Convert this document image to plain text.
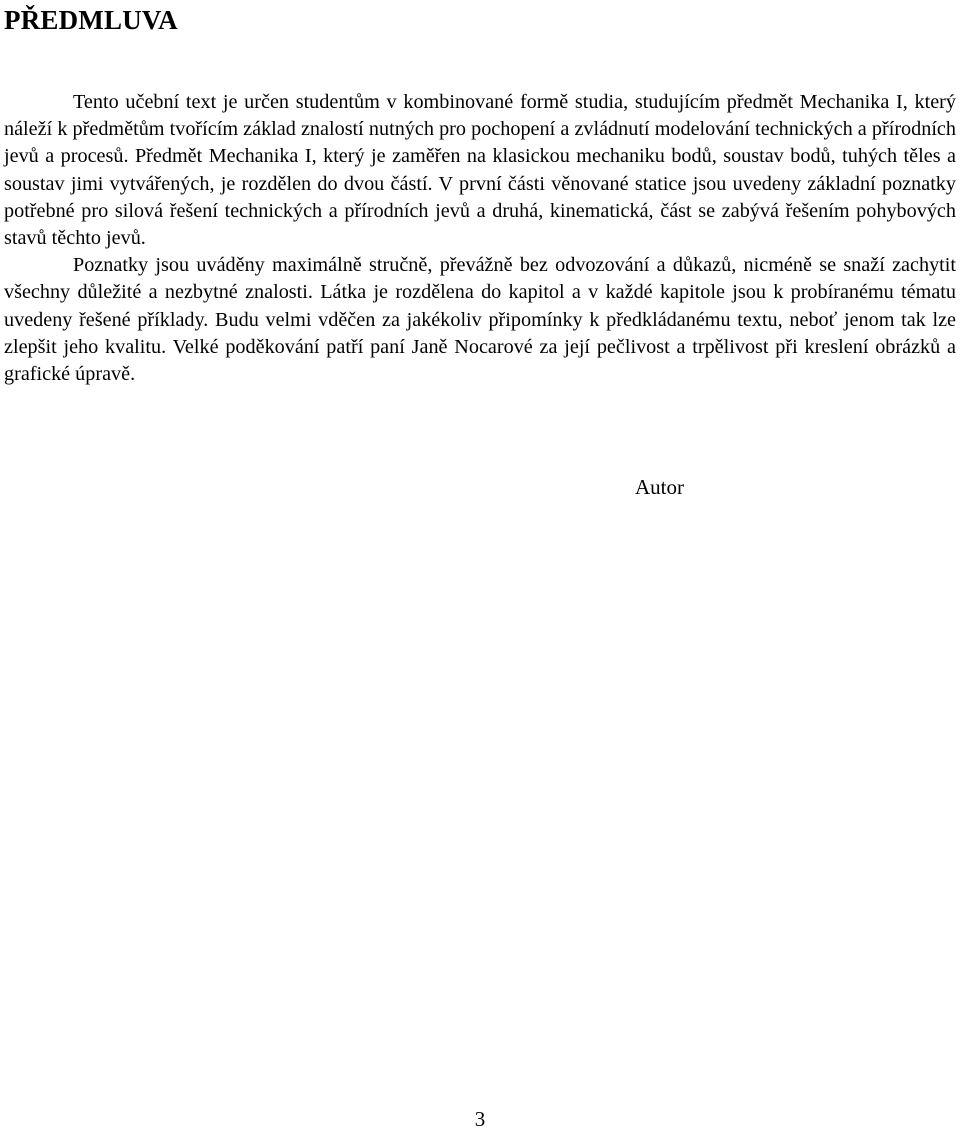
PŘEDMLUVA

Tento učební text je určen studentům v kombinované formě studia, studujícím předmět Mechanika I, který náleží k předmětům tvořícím základ znalostí nutných pro pochopení a zvládnutí modelování technických a přírodních jevů a procesů. Předmět Mechanika I, který je zaměřen na klasickou mechaniku bodů, soustav bodů, tuhých těles a soustav jimi vytvářených, je rozdělen do dvou částí. V první části věnované statice jsou uvedeny základní poznatky potřebné pro silová řešení technických a přírodních jevů a druhá, kinematická, část se zabývá řešením pohybových stavů těchto jevů.

Poznatky jsou uváděny maximálně stručně, převážně bez odvozování a důkazů, nicméně se snaží zachytit všechny důležité a nezbytné znalosti. Látka je rozdělena do kapitol a v každé kapitole jsou k probíranému tématu uvedeny řešené příklady. Budu velmi vděčen za jakékoliv připomínky k předkládanému textu, neboť jenom tak lze zlepšit jeho kvalitu. Velké poděkování patří paní Janě Nocarové za její pečlivost a trpělivost při kreslení obrázků a grafické úpravě.

Autor
3
